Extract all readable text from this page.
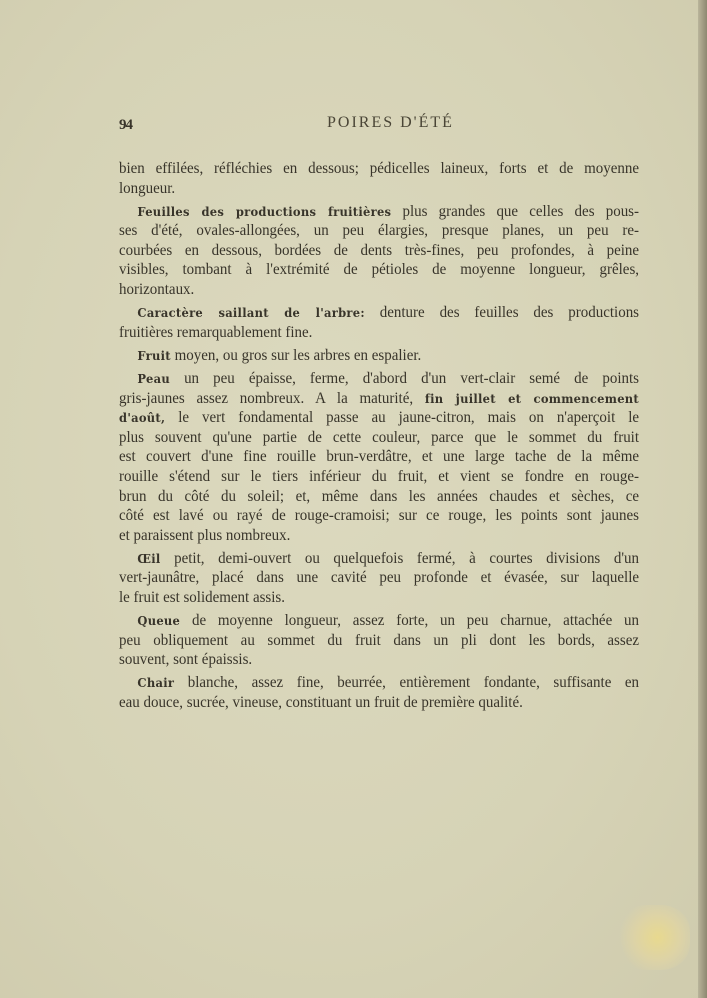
94	POIRES D'ÉTÉ
bien effilées, réfléchies en dessous; pédicelles laineux, forts et de moyenne
longueur.
Feuilles des productions fruitières plus grandes que celles des pous-
ses d'été, ovales-allongées, un peu élargies, presque planes, un peu re-
courbées en dessous, bordées de dents très-fines, peu profondes, à peine
visibles, tombant à l'extrémité de pétioles de moyenne longueur, grêles,
horizontaux.
Caractère saillant de l'arbre: denture des feuilles des productions
fruitières remarquablement fine.
Fruit moyen, ou gros sur les arbres en espalier.
Peau un peu épaisse, ferme, d'abord d'un vert-clair semé de points
gris-jaunes assez nombreux. A la maturité, fin juillet et commencement
d'août, le vert fondamental passe au jaune-citron, mais on n'aperçoit le
plus souvent qu'une partie de cette couleur, parce que le sommet du fruit
est couvert d'une fine rouille brun-verdâtre, et une large tache de la même
rouille s'étend sur le tiers inférieur du fruit, et vient se fondre en rouge-
brun du côté du soleil; et, même dans les années chaudes et sèches, ce
côté est lavé ou rayé de rouge-cramoisi; sur ce rouge, les points sont jaunes
et paraissent plus nombreux.
Œil petit, demi-ouvert ou quelquefois fermé, à courtes divisions d'un
vert-jaunâtre, placé dans une cavité peu profonde et évasée, sur laquelle
le fruit est solidement assis.
Queue de moyenne longueur, assez forte, un peu charnue, attachée un
peu obliquement au sommet du fruit dans un pli dont les bords, assez
souvent, sont épaissis.
Chair blanche, assez fine, beurrée, entièrement fondante, suffisante en
eau douce, sucrée, vineuse, constituant un fruit de première qualité.
